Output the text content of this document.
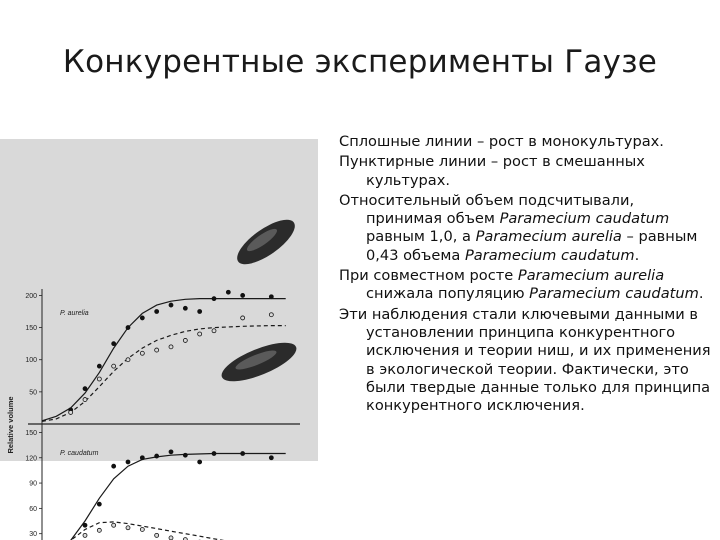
Конкурентные эксперименты Гаузе
50
100
150
200
P. aurelia
30
60
90
120
150
P. caudatum
Relative volume

Сплошные линии – рост в монокультурах.

Пунктирные линии – рост в смешанных культурах.

Относительный объем подсчитывали, принимая объем Paramecium caudatum равным 1,0, а Paramecium aurelia – равным 0,43 объема Paramecium caudatum.

При совместном росте Paramecium aurelia снижала популяцию Paramecium caudatum.

Эти наблюдения стали ключевыми данными в установлении принципа конкурентного исключения и теории ниш, и их применения в экологической теории. Фактически, это были твердые данные только для принципа конкурентного исключения.
